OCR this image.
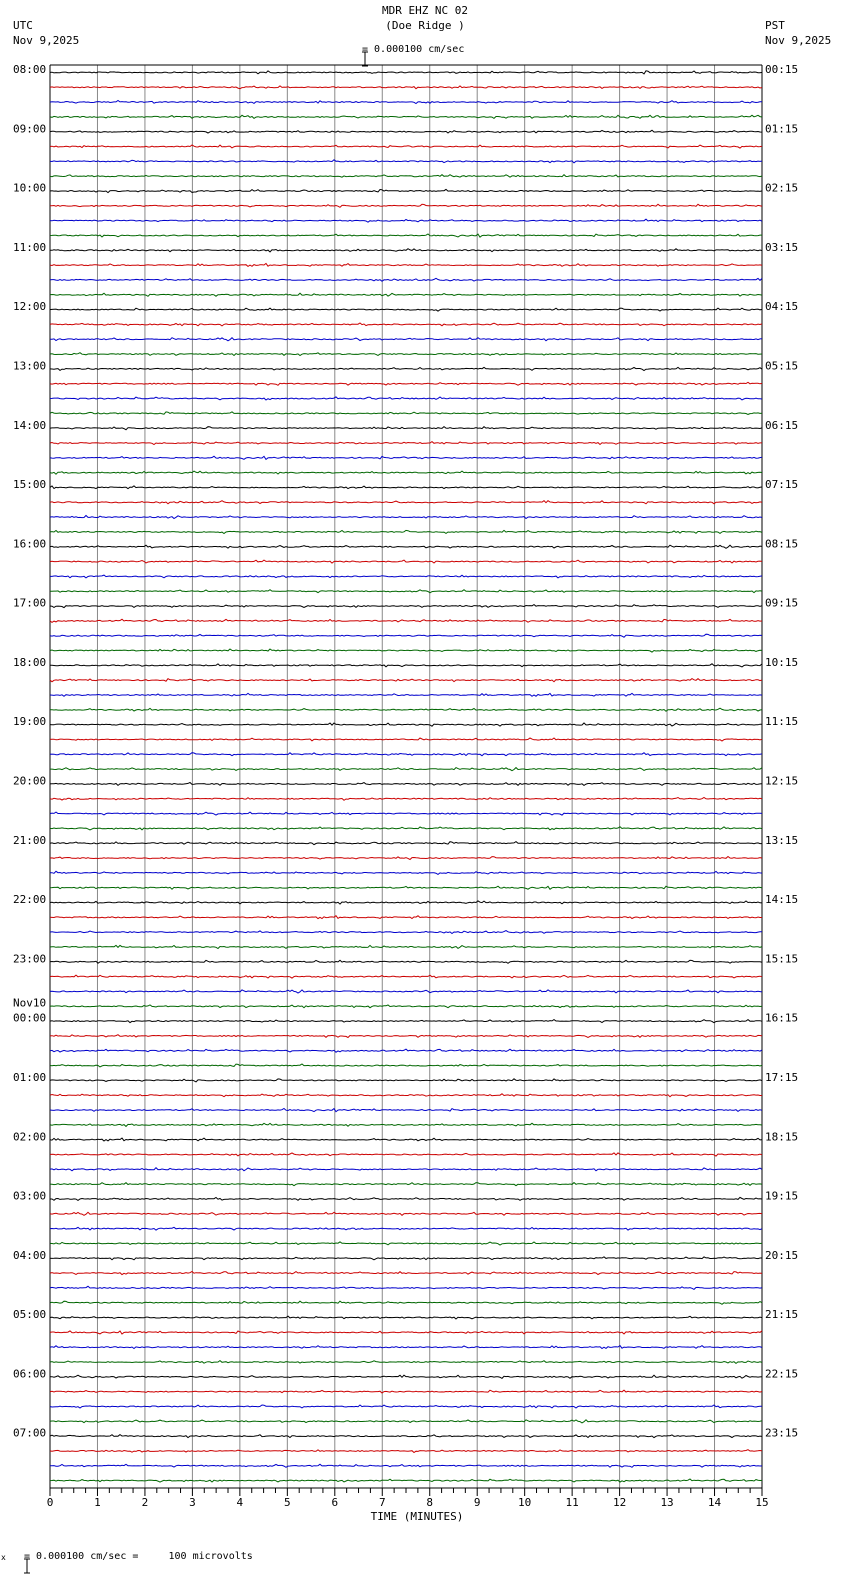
MDR EHZ NC 02
(Doe Ridge )

= 0.000100 cm/sec
UTC
Nov 9,2025
PST
Nov 9,2025
08:00
09:00
10:00
11:00
12:00
13:00
14:00
15:00
16:00
17:00
18:00
19:00
20:00
21:00
22:00
23:00
00:00
01:00
02:00
03:00
04:00
05:00
06:00
07:00
00:15
01:15
02:15
03:15
04:15
05:15
06:15
07:15
08:15
09:15
10:15
11:15
12:15
13:15
14:15
15:15
16:15
17:15
18:15
19:15
20:15
21:15
22:15
23:15
Nov10
0	1	2	3	4	5	6	7	8	9	10	11	12	13	14	15
TIME (MINUTES)
x

= 0.000100 cm/sec =     100 microvolts
